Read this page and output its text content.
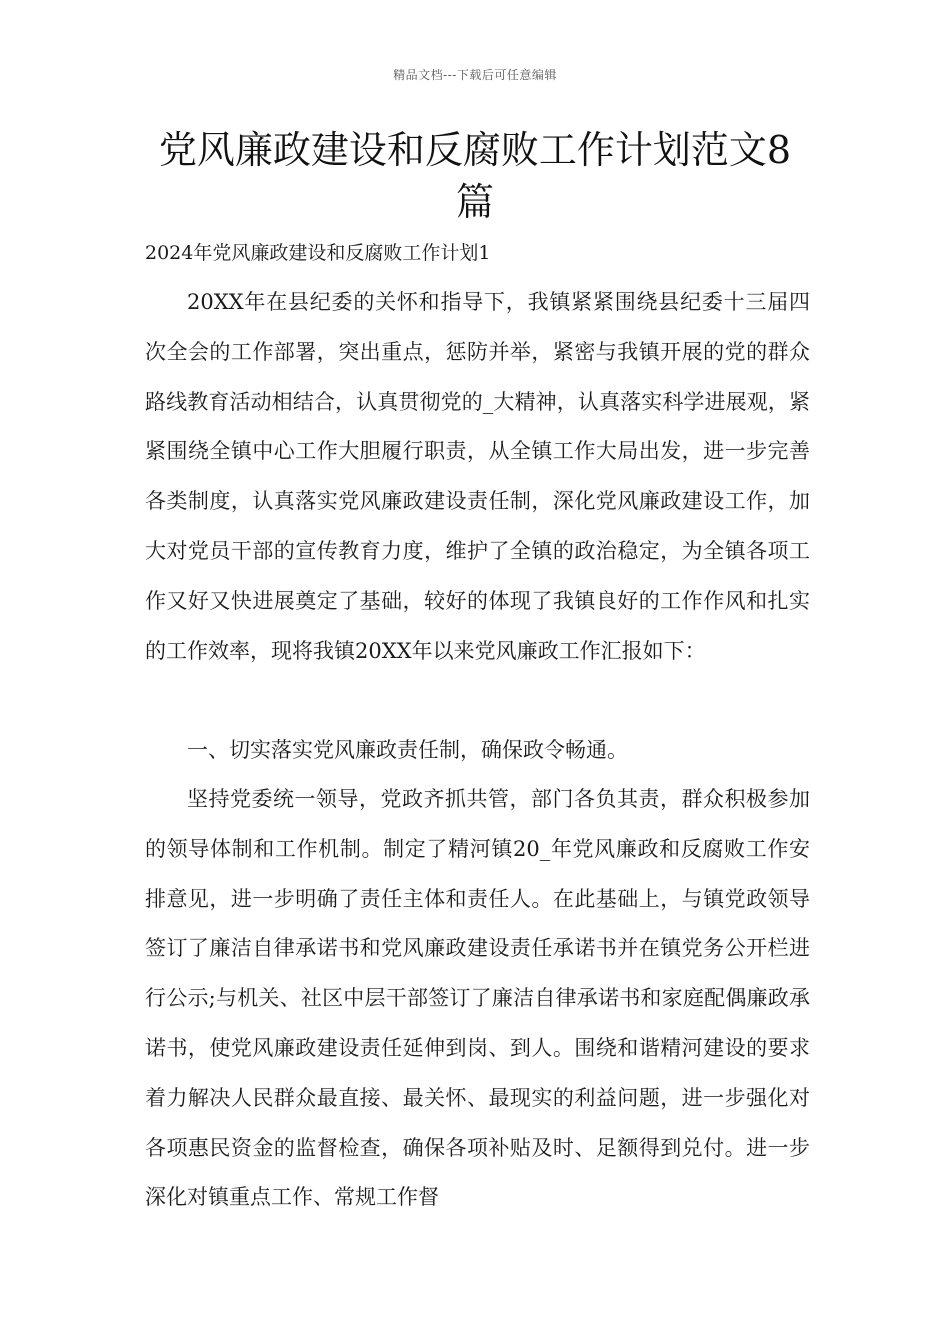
精品文档---下载后可任意编辑
党风廉政建设和反腐败工作计划范文8篇
2024年党风廉政建设和反腐败工作计划1

20XX年在县纪委的关怀和指导下，我镇紧紧围绕县纪委十三届四次全会的工作部署，突出重点，惩防并举，紧密与我镇开展的党的群众路线教育活动相结合，认真贯彻党的_大精神，认真落实科学进展观，紧紧围绕全镇中心工作大胆履行职责，从全镇工作大局出发，进一步完善各类制度，认真落实党风廉政建设责任制，深化党风廉政建设工作，加大对党员干部的宣传教育力度，维护了全镇的政治稳定，为全镇各项工作又好又快进展奠定了基础，较好的体现了我镇良好的工作作风和扎实的工作效率，现将我镇20XX年以来党风廉政工作汇报如下：

一、切实落实党风廉政责任制，确保政令畅通。

坚持党委统一领导，党政齐抓共管，部门各负其责，群众积极参加的领导体制和工作机制。制定了精河镇20_年党风廉政和反腐败工作安排意见，进一步明确了责任主体和责任人。在此基础上，与镇党政领导签订了廉洁自律承诺书和党风廉政建设责任承诺书并在镇党务公开栏进行公示;与机关、社区中层干部签订了廉洁自律承诺书和家庭配偶廉政承诺书，使党风廉政建设责任延伸到岗、到人。围绕和谐精河建设的要求着力解决人民群众最直接、最关怀、最现实的利益问题，进一步强化对各项惠民资金的监督检查，确保各项补贴及时、足额得到兑付。进一步深化对镇重点工作、常规工作督
